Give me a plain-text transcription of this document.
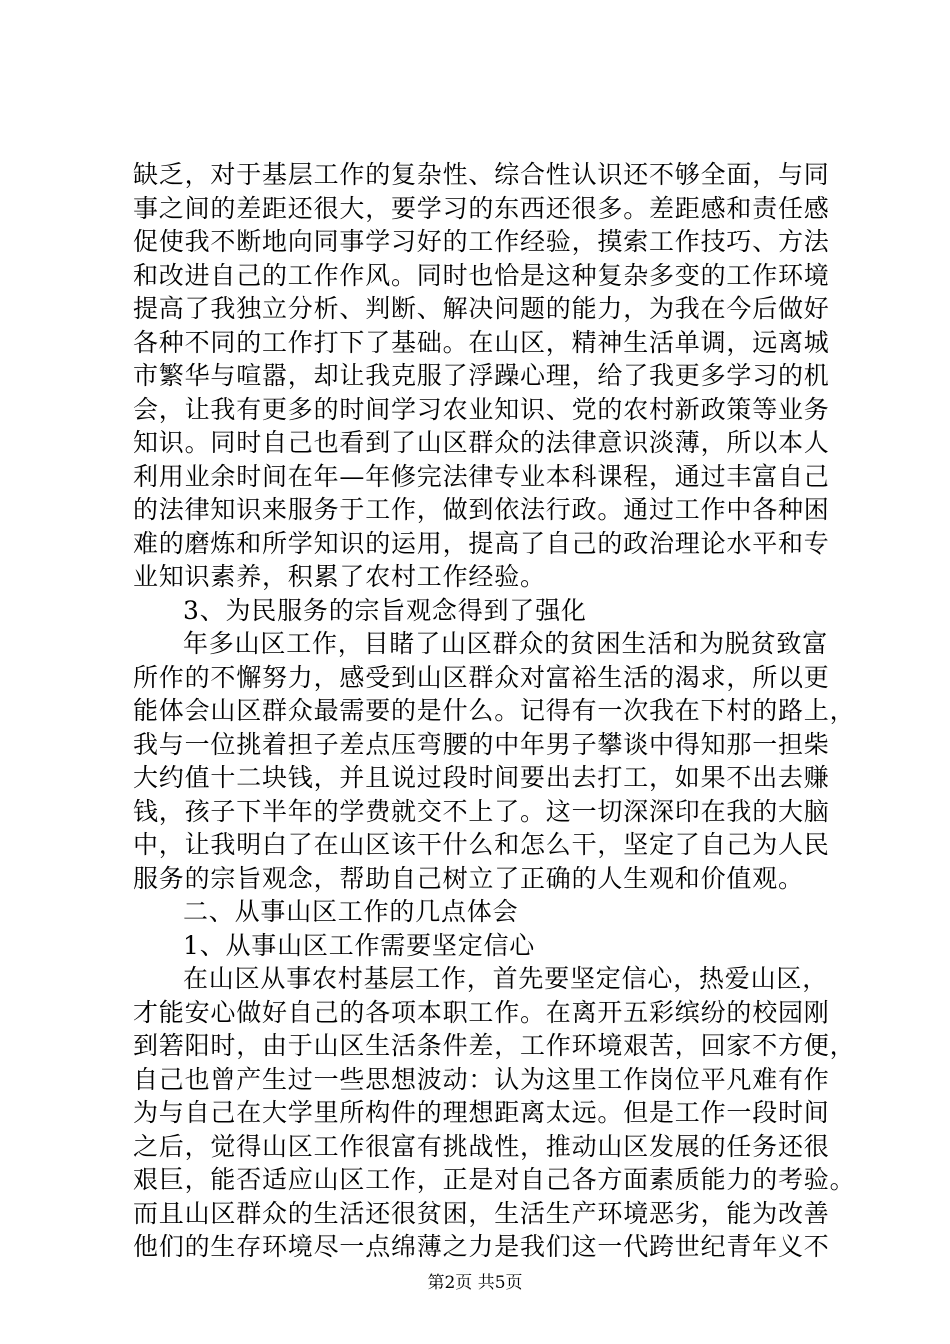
缺乏，对于基层工作的复杂性、综合性认识还不够全面，与同
事之间的差距还很大，要学习的东西还很多。差距感和责任感
促使我不断地向同事学习好的工作经验，摸索工作技巧、方法
和改进自己的工作作风。同时也恰是这种复杂多变的工作环境
提高了我独立分析、判断、解决问题的能力，为我在今后做好
各种不同的工作打下了基础。在山区，精神生活单调，远离城
市繁华与喧嚣，却让我克服了浮躁心理，给了我更多学习的机
会，让我有更多的时间学习农业知识、党的农村新政策等业务
知识。同时自己也看到了山区群众的法律意识淡薄，所以本人
利用业余时间在年—年修完法律专业本科课程，通过丰富自己
的法律知识来服务于工作，做到依法行政。通过工作中各种困
难的磨炼和所学知识的运用，提高了自己的政治理论水平和专
业知识素养，积累了农村工作经验。
3、为民服务的宗旨观念得到了强化
年多山区工作，目睹了山区群众的贫困生活和为脱贫致富
所作的不懈努力，感受到山区群众对富裕生活的渴求，所以更
能体会山区群众最需要的是什么。记得有一次我在下村的路上，
我与一位挑着担子差点压弯腰的中年男子攀谈中得知那一担柴
大约值十二块钱，并且说过段时间要出去打工，如果不出去赚
钱，孩子下半年的学费就交不上了。这一切深深印在我的大脑
中，让我明白了在山区该干什么和怎么干，坚定了自己为人民
服务的宗旨观念，帮助自己树立了正确的人生观和价值观。
二、从事山区工作的几点体会
1、从事山区工作需要坚定信心
在山区从事农村基层工作，首先要坚定信心，热爱山区，
才能安心做好自己的各项本职工作。在离开五彩缤纷的校园刚
到箬阳时，由于山区生活条件差，工作环境艰苦，回家不方便，
自己也曾产生过一些思想波动：认为这里工作岗位平凡难有作
为与自己在大学里所构件的理想距离太远。但是工作一段时间
之后，觉得山区工作很富有挑战性，推动山区发展的任务还很
艰巨，能否适应山区工作，正是对自己各方面素质能力的考验。
而且山区群众的生活还很贫困，生活生产环境恶劣，能为改善
他们的生存环境尽一点绵薄之力是我们这一代跨世纪青年义不
第2页 共5页
